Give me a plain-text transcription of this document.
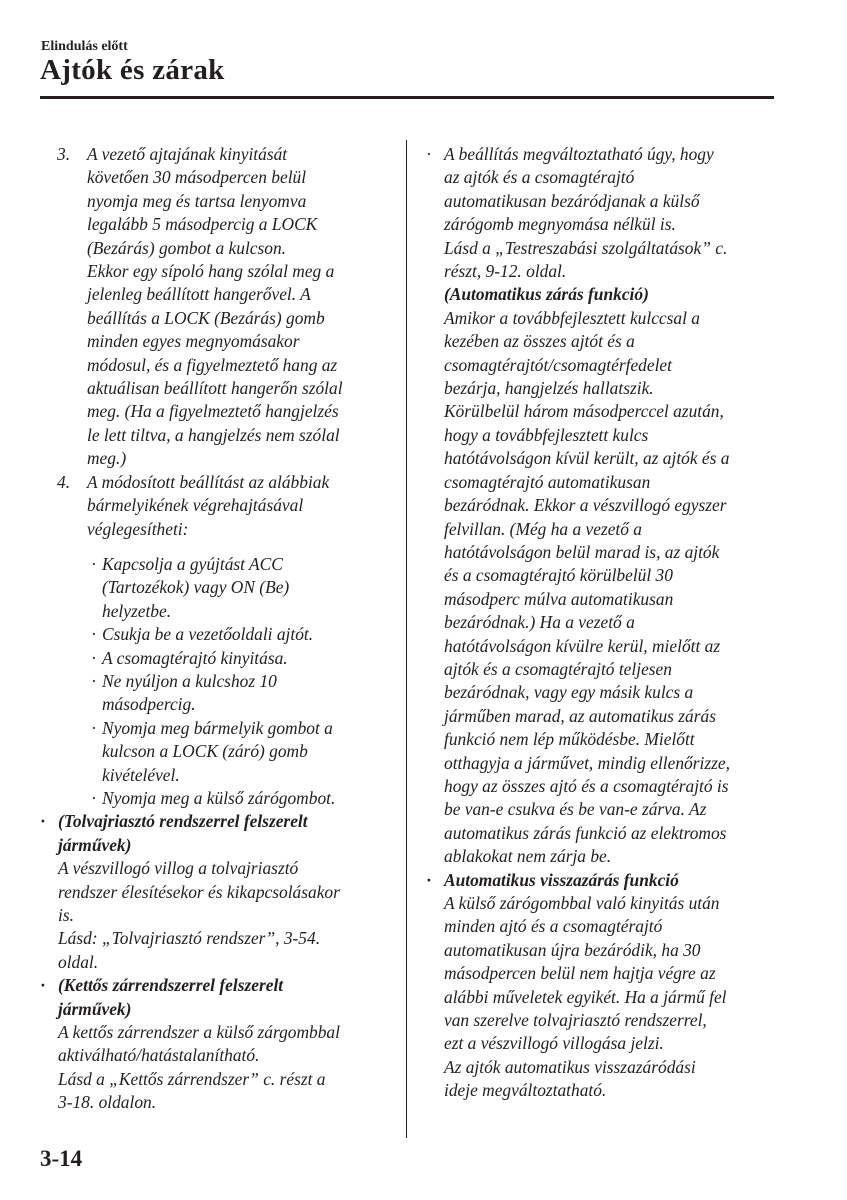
Elindulás előtt
Ajtók és zárak
3. A vezető ajtajának kinyitását
követően 30 másodpercen belül
nyomja meg és tartsa lenyomva
legalább 5 másodpercig a LOCK
(Bezárás) gombot a kulcson.
Ekkor egy sípoló hang szólal meg a
jelenleg beállított hangerővel. A
beállítás a LOCK (Bezárás) gomb
minden egyes megnyomásakor
módosul, és a figyelmeztető hang az
aktuálisan beállított hangerőn szólal
meg. (Ha a figyelmeztető hangjelzés
le lett tiltva, a hangjelzés nem szólal
meg.)
4. A módosított beállítást az alábbiak
bármelyikének végrehajtásával
véglegesítheti:
· Kapcsolja a gyújtást ACC
(Tartozékok) vagy ON (Be)
helyzetbe.
· Csukja be a vezetőoldali ajtót.
· A csomagtérajtó kinyitása.
· Ne nyúljon a kulcshoz 10
másodpercig.
· Nyomja meg bármelyik gombot a
kulcson a LOCK (záró) gomb
kivételével.
· Nyomja meg a külső zárógombot.
· (Tolvajriasztó rendszerrel felszerelt
járművek)
A vészvillogó villog a tolvajriasztó
rendszer élesítésekor és kikapcsolásakor
is.
Lásd: „Tolvajriasztó rendszer”, 3-54.
oldal.
· (Kettős zárrendszerrel felszerelt
járművek)
A kettős zárrendszer a külső zárgombbal
aktiválható/hatástalanítható.
Lásd a „Kettős zárrendszer” c. részt a
3-18. oldalon.
· A beállítás megváltoztatható úgy, hogy
az ajtók és a csomagtérajtó
automatikusan bezáródjanak a külső
zárógomb megnyomása nélkül is.
Lásd a „Testreszabási szolgáltatások” c.
részt, 9-12. oldal.
(Automatikus zárás funkció)
Amikor a továbbfejlesztett kulccsal a
kezében az összes ajtót és a
csomagtérajtót/csomagtérfedelet
bezárja, hangjelzés hallatszik.
Körülbelül három másodperccel azután,
hogy a továbbfejlesztett kulcs
hatótávolságon kívül került, az ajtók és a
csomagtérajtó automatikusan
bezáródnak. Ekkor a vészvillogó egyszer
felvillan. (Még ha a vezető a
hatótávolságon belül marad is, az ajtók
és a csomagtérajtó körülbelül 30
másodperc múlva automatikusan
bezáródnak.) Ha a vezető a
hatótávolságon kívülre kerül, mielőtt az
ajtók és a csomagtérajtó teljesen
bezáródnak, vagy egy másik kulcs a
járműben marad, az automatikus zárás
funkció nem lép működésbe. Mielőtt
otthagyja a járművet, mindig ellenőrizze,
hogy az összes ajtó és a csomagtérajtó is
be van-e csukva és be van-e zárva. Az
automatikus zárás funkció az elektromos
ablakokat nem zárja be.
· Automatikus visszazárás funkció
A külső zárógombbal való kinyitás után
minden ajtó és a csomagtérajtó
automatikusan újra bezáródik, ha 30
másodpercen belül nem hajtja végre az
alábbi műveletek egyikét. Ha a jármű fel
van szerelve tolvajriasztó rendszerrel,
ezt a vészvillogó villogása jelzi.
Az ajtók automatikus visszazáródási
ideje megváltoztatható.
3-14
